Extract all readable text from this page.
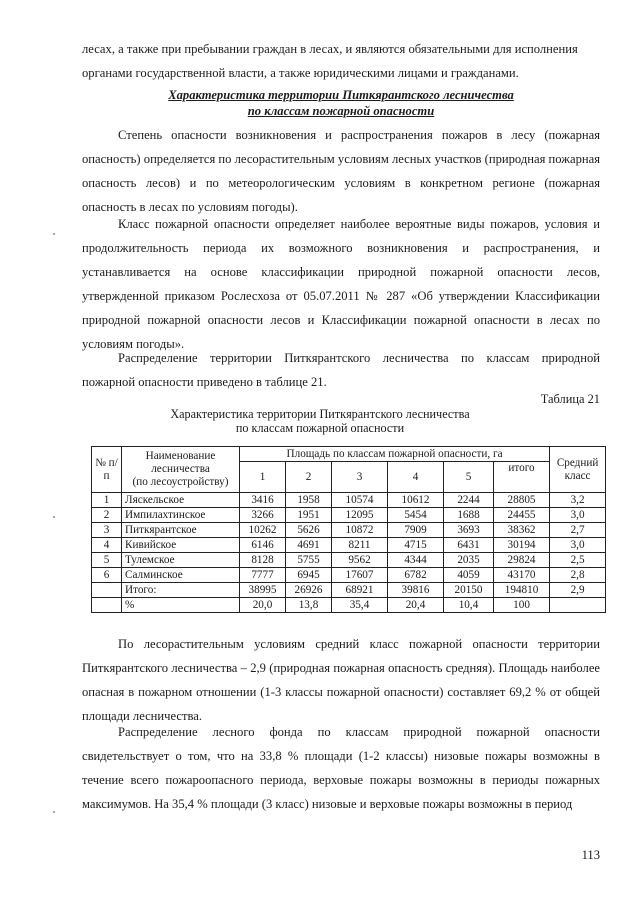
лесах, а также при пребывании граждан в лесах, и являются обязательными для исполнения
органами государственной власти, а также юридическими лицами и гражданами.

Характеристика территории Питкярантского лесничества
по классам пожарной опасности

Степень опасности возникновения и распространения пожаров в лесу (пожарная опасность) определяется по лесорастительным условиям лесных участков (природная пожарная опасность лесов) и по метеорологическим условиям в конкретном регионе (пожарная опасность в лесах по условиям погоды).

Класс пожарной опасности определяет наиболее вероятные виды пожаров, условия и продолжительность периода их возможного возникновения и распространения, и устанавливается на основе классификации природной пожарной опасности лесов, утвержденной приказом Рослесхоза от 05.07.2011 № 287 «Об утверждении Классификации природной пожарной опасности лесов и Классификации пожарной опасности в лесах по условиям погоды».

Распределение территории Питкярантского лесничества по классам природной пожарной опасности приведено в таблице 21.

Таблица 21
Характеристика территории Питкярантского лесничества
по классам пожарной опасности
№ п/п	Наименование
лесничества
(по лесоустройству)	Площадь по классам пожарной опасности, га						Средний класс
		1	2	3	4	5	итого	
1	Ляскельское	3416	1958	10574	10612	2244	28805	3,2
2	Импилахтинское	3266	1951	12095	5454	1688	24455	3,0
3	Питкярантское	10262	5626	10872	7909	3693	38362	2,7
4	Кивийское	6146	4691	8211	4715	6431	30194	3,0
5	Тулемское	8128	5755	9562	4344	2035	29824	2,5
6	Салминское	7777	6945	17607	6782	4059	43170	2,8
	Итого:	38995	26926	68921	39816	20150	194810	2,9
	%	20,0	13,8	35,4	20,4	10,4	100	

По лесорастительным условиям средний класс пожарной опасности территории Питкярантского лесничества – 2,9 (природная пожарная опасность средняя). Площадь наиболее опасная в пожарном отношении (1-3 классы пожарной опасности) составляет 69,2 % от общей площади лесничества.

Распределение лесного фонда по классам природной пожарной опасности свидетельствует о том, что на 33,8 % площади (1-2 классы) низовые пожары возможны в течение всего пожароопасного периода, верховые пожары возможны в периоды пожарных максимумов. На 35,4 % площади (3 класс) низовые и верховые пожары возможны в период

113
